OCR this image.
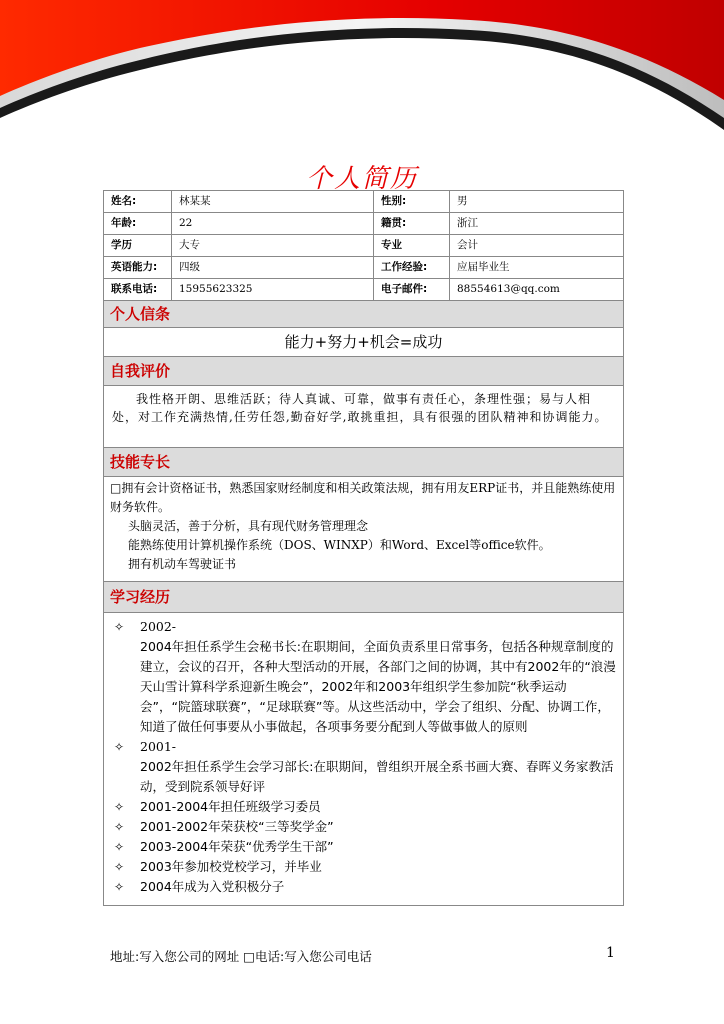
个人简历
姓名:	林某某	性别:	男
年龄:	22	籍贯:	浙江
学历	大专	专业	会计
英语能力:	四级	工作经验:	应届毕业生
联系电话:	15955623325	电子邮件:	88554613@qq.com
个人信条
能力+努力+机会=成功
自我评价
我性格开朗、思维活跃；待人真诚、可靠，做事有责任心，条理性强；易与人相处，对工作充满热情,任劳任怨,勤奋好学,敢挑重担，具有很强的团队精神和协调能力。
技能专长
□拥有会计资格证书，熟悉国家财经制度和相关政策法规，拥有用友ERP证书，并且能熟练使用财务软件。
头脑灵活，善于分析，具有现代财务管理理念
能熟练使用计算机操作系统（DOS、WINXP）和Word、Excel等office软件。
拥有机动车驾驶证书
学习经历
✧	2002-
2004年担任系学生会秘书长:在职期间，全面负责系里日常事务，包括各种规章制度的建立，会议的召开，各种大型活动的开展，各部门之间的协调，其中有2002年的“浪漫天山雪计算科学系迎新生晚会”，2002年和2003年组织学生参加院“秋季运动会”，“院篮球联赛”，“足球联赛”等。从这些活动中，学会了组织、分配、协调工作，知道了做任何事要从小事做起，各项事务要分配到人等做事做人的原则
✧	2001-
2002年担任系学生会学习部长:在职期间，曾组织开展全系书画大赛、春晖义务家教活动，受到院系领导好评
✧	2001-2004年担任班级学习委员
✧	2001-2002年荣获校“三等奖学金”
✧	2003-2004年荣获“优秀学生干部”
✧	2003年参加校党校学习，并毕业
✧	2004年成为入党积极分子
地址:写入您公司的网址 □电话:写入您公司电话	1
